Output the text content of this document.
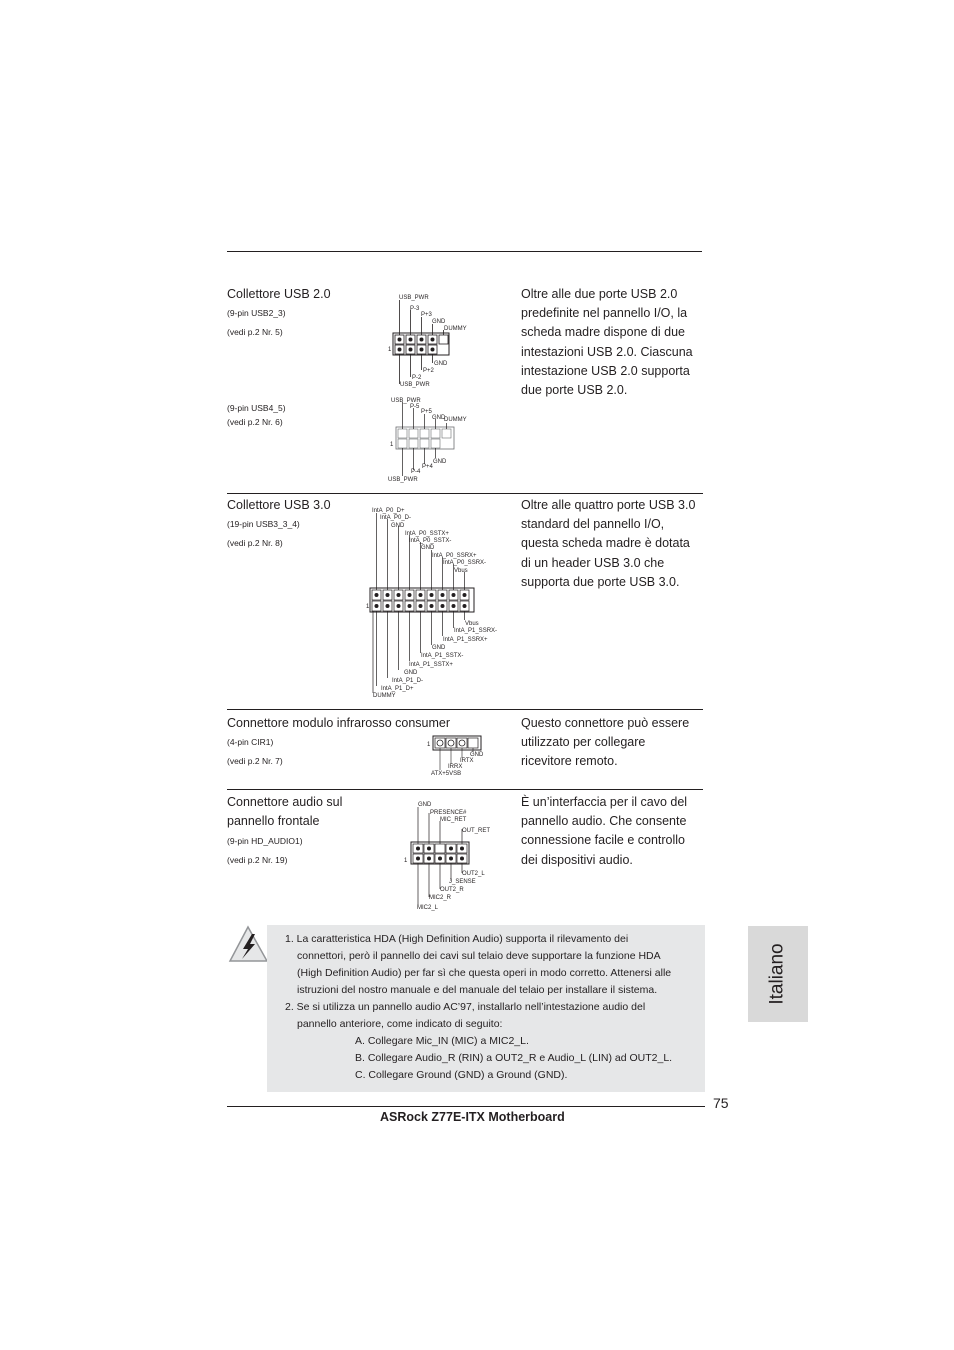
Collettore USB 2.0
(9-pin USB2_3)
(vedi p.2 Nr. 5)
(9-pin USB4_5)
(vedi p.2 Nr. 6)
Oltre alle due porte USB 2.0
predefinite nel pannello I/O, la
scheda madre dispone di due
intestazioni USB 2.0. Ciascuna
intestazione USB 2.0 supporta
due porte USB 2.0.
USB_PWR
P-3
P+3
GND
DUMMY
GND
P+2
P-2
USB_PWR
1
USB_PWR
P-5
P+5
GND
DUMMY
GND
P+4
P-4
USB_PWR
1
Collettore USB 3.0
(19-pin USB3_3_4)
(vedi p.2 Nr. 8)
Oltre alle quattro porte USB 3.0
standard del pannello I/O,
questa scheda madre è dotata
di un header USB 3.0 che
supporta due porte USB 3.0.
IntA_P0_D+
IntA_P0_D-
GND
IntA_P0_SSTX+
IntA_P0_SSTX-
GND
IntA_P0_SSRX+
IntA_P0_SSRX-
Vbus
Vbus
IntA_P1_SSRX-
IntA_P1_SSRX+
GND
IntA_P1_SSTX-
IntA_P1_SSTX+
GND
IntA_P1_D-
IntA_P1_D+
DUMMY
1
Connettore modulo infrarosso consumer
(4-pin CIR1)
(vedi p.2 Nr. 7)
Questo connettore può essere
utilizzato per collegare
ricevitore remoto.
GND
IRTX
IRRX
ATX+5VSB
1
Connettore audio sul
pannello frontale
(9-pin HD_AUDIO1)
(vedi p.2 Nr. 19)
È un’interfaccia per il cavo del
pannello audio. Che consente
connessione facile e controllo
dei dispositivi audio.
GND
PRESENCE#
MIC_RET
OUT_RET
OUT2_L
J_SENSE
OUT2_R
MIC2_R
MIC2_L
1
1. La caratteristica HDA (High Definition Audio) supporta il rilevamento dei
connettori, però il pannello dei cavi sul telaio deve supportare la funzione HDA
(High Definition Audio) per far sì che questa operi in modo corretto. Attenersi alle
istruzioni del nostro manuale e del manuale del telaio per installare il sistema.
2. Se si utilizza un pannello audio AC’97, installarlo nell’intestazione audio del
pannello anteriore, come indicato di seguito:
A. Collegare Mic_IN (MIC) a MIC2_L.
B. Collegare Audio_R (RIN) a OUT2_R e Audio_L (LIN) ad OUT2_L.
C. Collegare Ground (GND) a Ground (GND).
Italiano
75
ASRock Z77E-ITX Motherboard
